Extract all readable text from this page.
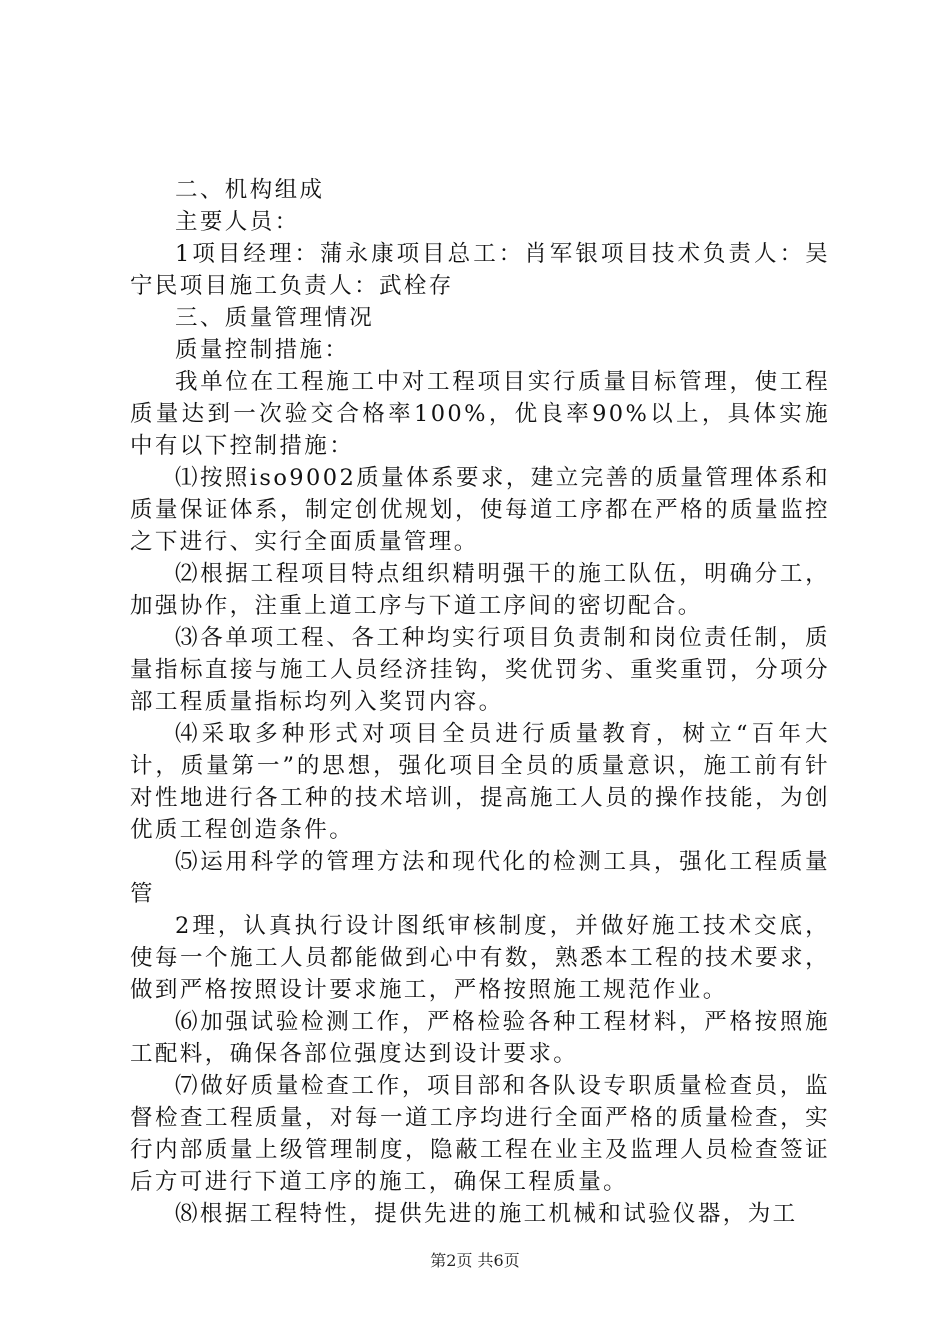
二、机构组成

主要人员：

1项目经理：蒲永康项目总工：肖军银项目技术负责人：吴宁民项目施工负责人：武栓存

三、质量管理情况

质量控制措施：

我单位在工程施工中对工程项目实行质量目标管理，使工程质量达到一次验交合格率100%，优良率90%以上，具体实施中有以下控制措施：

⑴按照iso9002质量体系要求，建立完善的质量管理体系和质量保证体系，制定创优规划，使每道工序都在严格的质量监控之下进行、实行全面质量管理。

⑵根据工程项目特点组织精明强干的施工队伍，明确分工，加强协作，注重上道工序与下道工序间的密切配合。

⑶各单项工程、各工种均实行项目负责制和岗位责任制，质量指标直接与施工人员经济挂钩，奖优罚劣、重奖重罚，分项分部工程质量指标均列入奖罚内容。

⑷采取多种形式对项目全员进行质量教育，树立“百年大计，质量第一”的思想，强化项目全员的质量意识，施工前有针对性地进行各工种的技术培训，提高施工人员的操作技能，为创优质工程创造条件。

⑸运用科学的管理方法和现代化的检测工具，强化工程质量管

2理，认真执行设计图纸审核制度，并做好施工技术交底，使每一个施工人员都能做到心中有数，熟悉本工程的技术要求，做到严格按照设计要求施工，严格按照施工规范作业。

⑹加强试验检测工作，严格检验各种工程材料，严格按照施工配料，确保各部位强度达到设计要求。

⑺做好质量检查工作，项目部和各队设专职质量检查员，监督检查工程质量，对每一道工序均进行全面严格的质量检查，实行内部质量上级管理制度，隐蔽工程在业主及监理人员检查签证后方可进行下道工序的施工，确保工程质量。

⑻根据工程特性，提供先进的施工机械和试验仪器，为工

第2页 共6页
